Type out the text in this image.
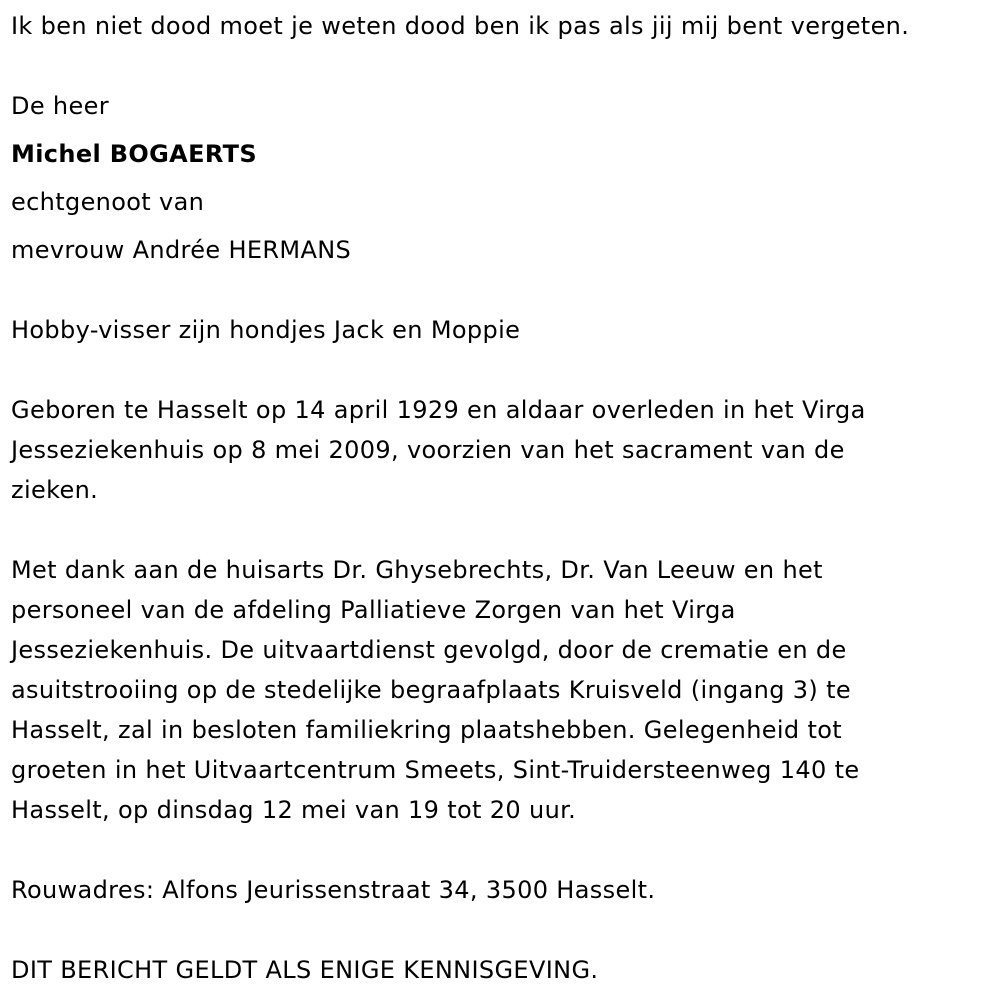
Ik ben niet dood moet je weten dood ben ik pas als jij mij bent vergeten.
De heer
Michel BOGAERTS
echtgenoot van
mevrouw Andrée HERMANS
Hobby-visser zijn hondjes Jack en Moppie
Geboren te Hasselt op 14 april 1929 en aldaar overleden in het Virga
Jesseziekenhuis op 8 mei 2009, voorzien van het sacrament van de
zieken.
Met dank aan de huisarts Dr. Ghysebrechts, Dr. Van Leeuw en het
personeel van de afdeling Palliatieve Zorgen van het Virga
Jesseziekenhuis. De uitvaartdienst gevolgd, door de crematie en de
asuitstrooiing op de stedelijke begraafplaats Kruisveld (ingang 3) te
Hasselt, zal in besloten familiekring plaatshebben. Gelegenheid tot
groeten in het Uitvaartcentrum Smeets, Sint-Truidersteenweg 140 te
Hasselt, op dinsdag 12 mei van 19 tot 20 uur.
Rouwadres: Alfons Jeurissenstraat 34, 3500 Hasselt.
DIT BERICHT GELDT ALS ENIGE KENNISGEVING.
